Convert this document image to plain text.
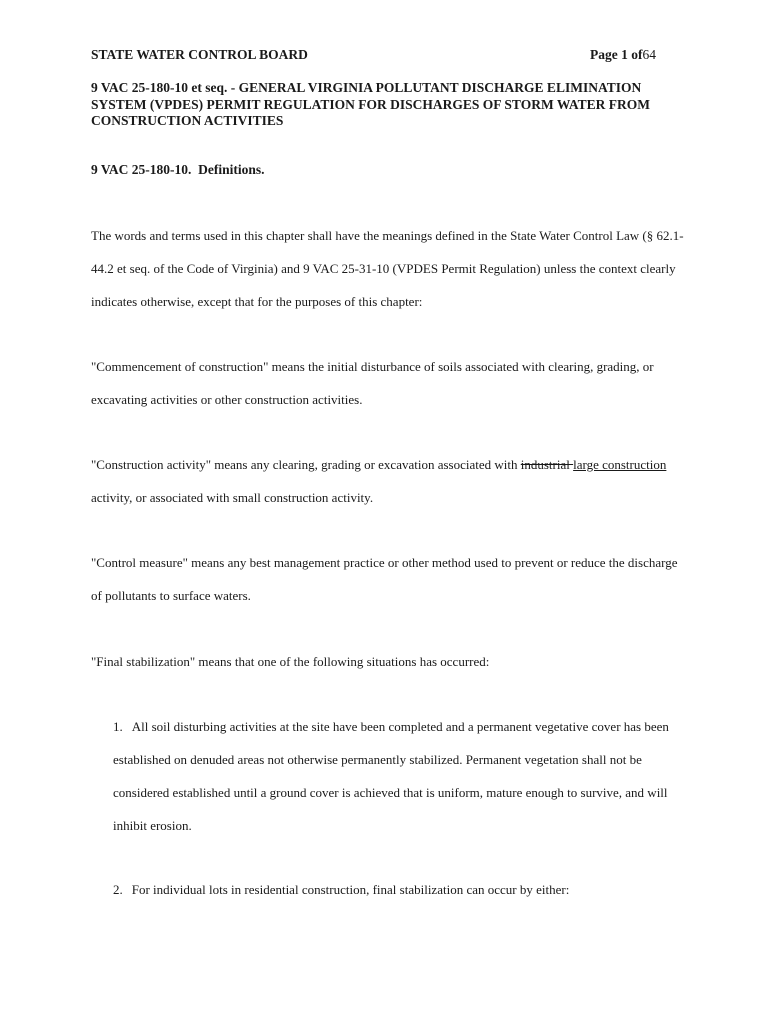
STATE WATER CONTROL BOARD	Page 1 of64
9 VAC 25-180-10 et seq. - GENERAL VIRGINIA POLLUTANT DISCHARGE ELIMINATION SYSTEM (VPDES) PERMIT REGULATION FOR DISCHARGES OF STORM WATER FROM CONSTRUCTION ACTIVITIES
9 VAC 25-180-10. Definitions.
The words and terms used in this chapter shall have the meanings defined in the State Water Control Law (§ 62.1-44.2 et seq. of the Code of Virginia) and 9 VAC 25-31-10 (VPDES Permit Regulation) unless the context clearly indicates otherwise, except that for the purposes of this chapter:
"Commencement of construction" means the initial disturbance of soils associated with clearing, grading, or excavating activities or other construction activities.
"Construction activity" means any clearing, grading or excavation associated with industrial large construction activity, or associated with small construction activity.
"Control measure" means any best management practice or other method used to prevent or reduce the discharge of pollutants to surface waters.
"Final stabilization" means that one of the following situations has occurred:
1. All soil disturbing activities at the site have been completed and a permanent vegetative cover has been established on denuded areas not otherwise permanently stabilized. Permanent vegetation shall not be considered established until a ground cover is achieved that is uniform, mature enough to survive, and will inhibit erosion.
2. For individual lots in residential construction, final stabilization can occur by either:
